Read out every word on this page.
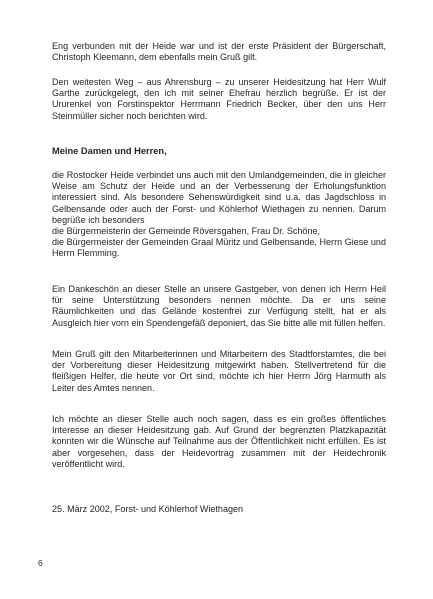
Eng verbunden mit der Heide war und ist der erste Präsident der Bürgerschaft, Christoph Kleemann, dem ebenfalls mein Gruß gilt.

Den weitesten Weg – aus Ahrensburg – zu unserer Heidesitzung hat Herr Wulf Garthe zurückgelegt, den ich mit seiner Ehefrau herzlich begrüße. Er ist der Ururenkel von Forstinspektor Herrmann Friedrich Becker, über den uns Herr Steinmüller sicher noch berichten wird.

Meine Damen und Herren,

die Rostocker Heide verbindet uns auch mit den Umlandgemeinden, die in gleicher Weise am Schutz der Heide und an der Verbesserung der Erholungsfunktion interessiert sind. Als besondere Sehenswürdigkeit sind u.a. das Jagdschloss in Gelbensande oder auch der Forst- und Köhlerhof Wiethagen zu nennen. Darum begrüße ich besonders
die Bürgermeisterin der Gemeinde Röversgahen, Frau Dr. Schöne,
die Bürgermeister der Gemeinden Graal Müritz und Gelbensande, Herrn Giese und Herrn Flemming.

Ein Dankeschön an dieser Stelle an unsere Gastgeber, von denen ich Herrn Heil für seine Unterstützung besonders nennen möchte. Da er uns seine Räumlichkeiten und das Gelände kostenfrei zur Verfügung stellt, hat er als Ausgleich hier vorn ein Spendengefäß deponiert, das Sie bitte alle mit füllen helfen.

Mein Gruß gilt den Mitarbeiterinnen und Mitarbeitern des Stadtforstamtes, die bei der Vorbereitung dieser Heidesitzung mitgewirkt haben. Stellvertretend für die fleißigen Helfer, die heute vor Ort sind, möchte ich hier Herrn Jörg Harmuth als Leiter des Amtes nennen.

Ich möchte an dieser Stelle auch noch sagen, dass es ein großes öffentliches Interesse an dieser Heidesitzung gab. Auf Grund der begrenzten Platzkapazität konnten wir die Wünsche auf Teilnahme aus der Öffentlichkeit nicht erfüllen. Es ist aber vorgesehen, dass der Heidevortrag zusammen mit der Heidechronik veröffentlicht wird.

25. März 2002, Forst- und Köhlerhof Wiethagen
6
